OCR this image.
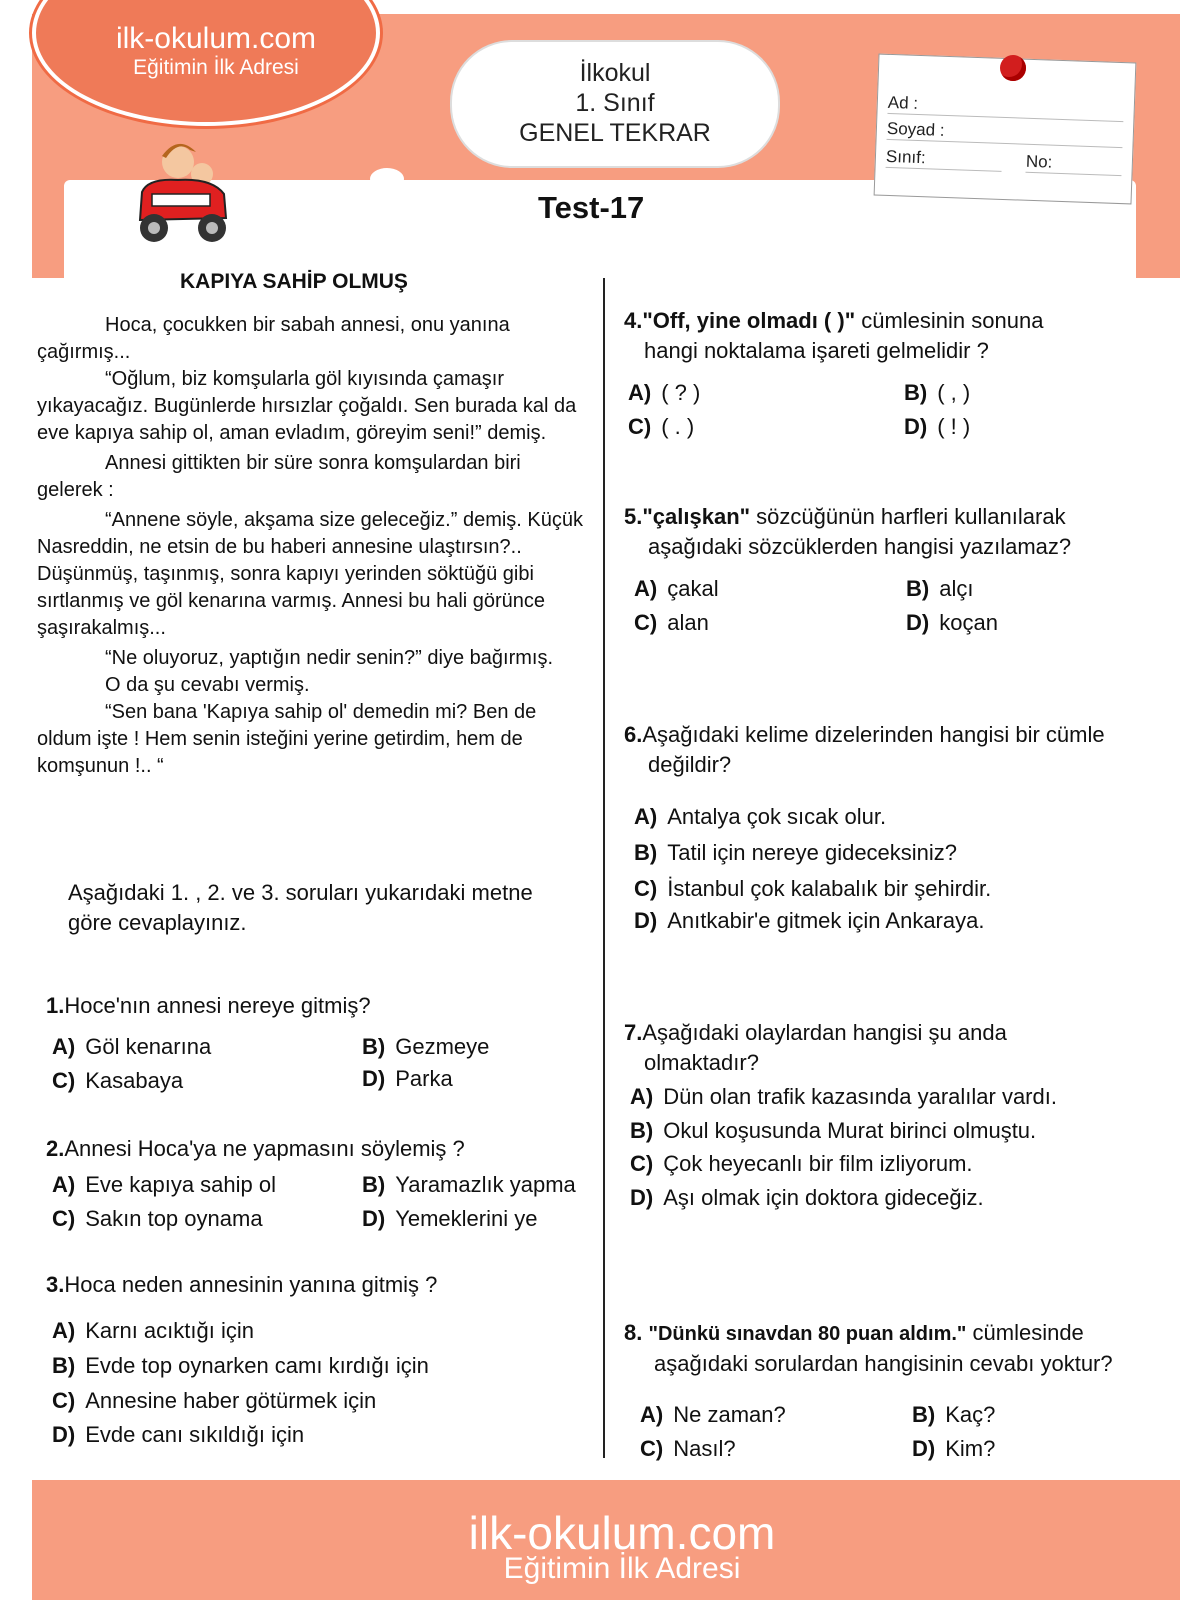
ilk-okulum.com
Eğitimin İlk Adresi	İlkokul
1. Sınıf
GENEL TEKRAR
Ad :
Soyad :
Sınıf:	No:
Test-17
KAPIYA SAHİP OLMUŞ

Hoca, çocukken bir sabah annesi, onu yanına çağırmış...

“Oğlum, biz komşularla göl kıyısında çamaşır yıkayacağız. Bugünlerde hırsızlar çoğaldı. Sen burada kal da eve kapıya sahip ol, aman evladım, göreyim seni!” demiş.

Annesi gittikten bir süre sonra komşulardan biri gelerek :

“Annene söyle, akşama size geleceğiz.” demiş. Küçük Nasreddin, ne etsin de bu haberi annesine ulaştırsın?.. Düşünmüş, taşınmış, sonra kapıyı yerinden söktüğü gibi sırtlanmış ve göl kenarına varmış. Annesi bu hali görünce şaşırakalmış...

“Ne oluyoruz, yaptığın nedir senin?” diye bağırmış.

O da şu cevabı vermiş.

“Sen bana 'Kapıya sahip ol' demedin mi? Ben de oldum işte ! Hem senin isteğini yerine getirdim, hem de komşunun !.. “

Aşağıdaki 1. , 2. ve 3. soruları yukarıdaki metne göre cevaplayınız.
1.Hoce'nın annesi nereye gitmiş?
A) Göl kenarına	B) Gezmeye
C) Kasabaya	D) Parka
2.Annesi Hoca'ya ne yapmasını söylemiş ?
A) Eve kapıya sahip ol	B) Yaramazlık yapma
C) Sakın top oynama	D) Yemeklerini ye
3.Hoca neden annesinin yanına gitmiş ?
A) Karnı acıktığı için
B) Evde top oynarken camı kırdığı için
C) Annesine haber götürmek için
D) Evde canı sıkıldığı için
4."Off, yine olmadı ( )" cümlesinin sonuna
hangi noktalama işareti gelmelidir ?
A) ( ? )	B) ( , )
C) ( . )	D) ( ! )
5."çalışkan" sözcüğünün harfleri kullanılarak
aşağıdaki sözcüklerden hangisi yazılamaz?
A) çakal	B) alçı
C) alan	D) koçan
6.Aşağıdaki kelime dizelerinden hangisi bir cümle
değildir?
A) Antalya çok sıcak olur.
B) Tatil için nereye gideceksiniz?
C) İstanbul çok kalabalık bir şehirdir.
D) Anıtkabir'e gitmek için Ankaraya.
7.Aşağıdaki olaylardan hangisi şu anda
olmaktadır?
A) Dün olan trafik kazasında yaralılar vardı.
B) Okul koşusunda Murat birinci olmuştu.
C) Çok heyecanlı bir film izliyorum.
D) Aşı olmak için doktora gideceğiz.
8. "Dünkü sınavdan 80 puan aldım." cümlesinde
aşağıdaki sorulardan hangisinin cevabı yoktur?
A) Ne zaman?	B) Kaç?
C) Nasıl?	D) Kim?
ilk-okulum.com
Eğitimin İlk Adresi
